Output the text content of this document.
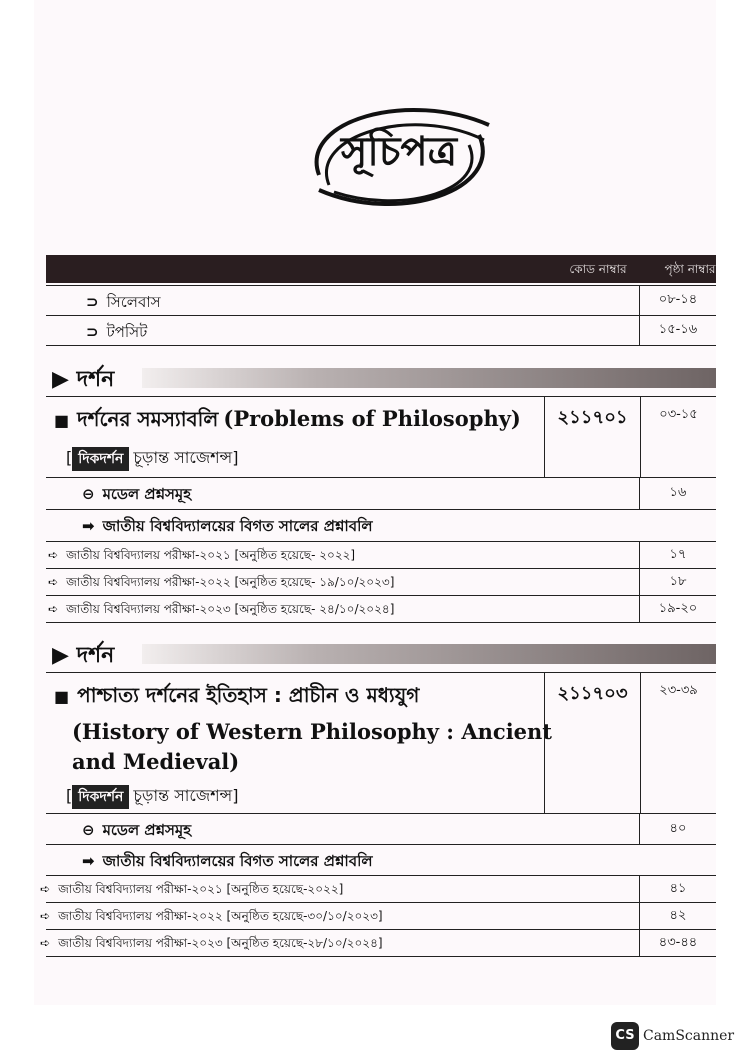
সূচিপত্র
কোড নাম্বার	পৃষ্ঠা নাম্বার
⊃ সিলেবাস	০৮-১৪
⊃ টপসিট	১৫-১৬
▶ দর্শন
■ দর্শনের সমস্যাবলি (Problems of Philosophy)
[ দিকদর্শন চূড়ান্ত সাজেশন্স]
২১১৭০১	০৩-১৫
⊖ মডেল প্রশ্নসমূহ	১৬
➡ জাতীয় বিশ্ববিদ্যালয়ের বিগত সালের প্রশ্নাবলি
➪ জাতীয় বিশ্ববিদ্যালয় পরীক্ষা-২০২১ [অনুষ্ঠিত হয়েছে- ২০২২]	১৭
➪ জাতীয় বিশ্ববিদ্যালয় পরীক্ষা-২০২২ [অনুষ্ঠিত হয়েছে- ১৯/১০/২০২৩]	১৮
➪ জাতীয় বিশ্ববিদ্যালয় পরীক্ষা-২০২৩ [অনুষ্ঠিত হয়েছে- ২৪/১০/২০২৪]	১৯-২০
▶ দর্শন
■ পাশ্চাত্য দর্শনের ইতিহাস : প্রাচীন ও মধ্যযুগ
(History of Western Philosophy : Ancient
and Medieval)
[ দিকদর্শন চূড়ান্ত সাজেশন্স]
২১১৭০৩	২৩-৩৯
⊖ মডেল প্রশ্নসমূহ	৪০
➡ জাতীয় বিশ্ববিদ্যালয়ের বিগত সালের প্রশ্নাবলি
➪ জাতীয় বিশ্ববিদ্যালয় পরীক্ষা-২০২১ [অনুষ্ঠিত হয়েছে-২০২২]	৪১
➪ জাতীয় বিশ্ববিদ্যালয় পরীক্ষা-২০২২ [অনুষ্ঠিত হয়েছে-৩০/১০/২০২৩]	৪২
➪ জাতীয় বিশ্ববিদ্যালয় পরীক্ষা-২০২৩ [অনুষ্ঠিত হয়েছে-২৮/১০/২০২৪]	৪৩-৪৪
CS CamScanner
